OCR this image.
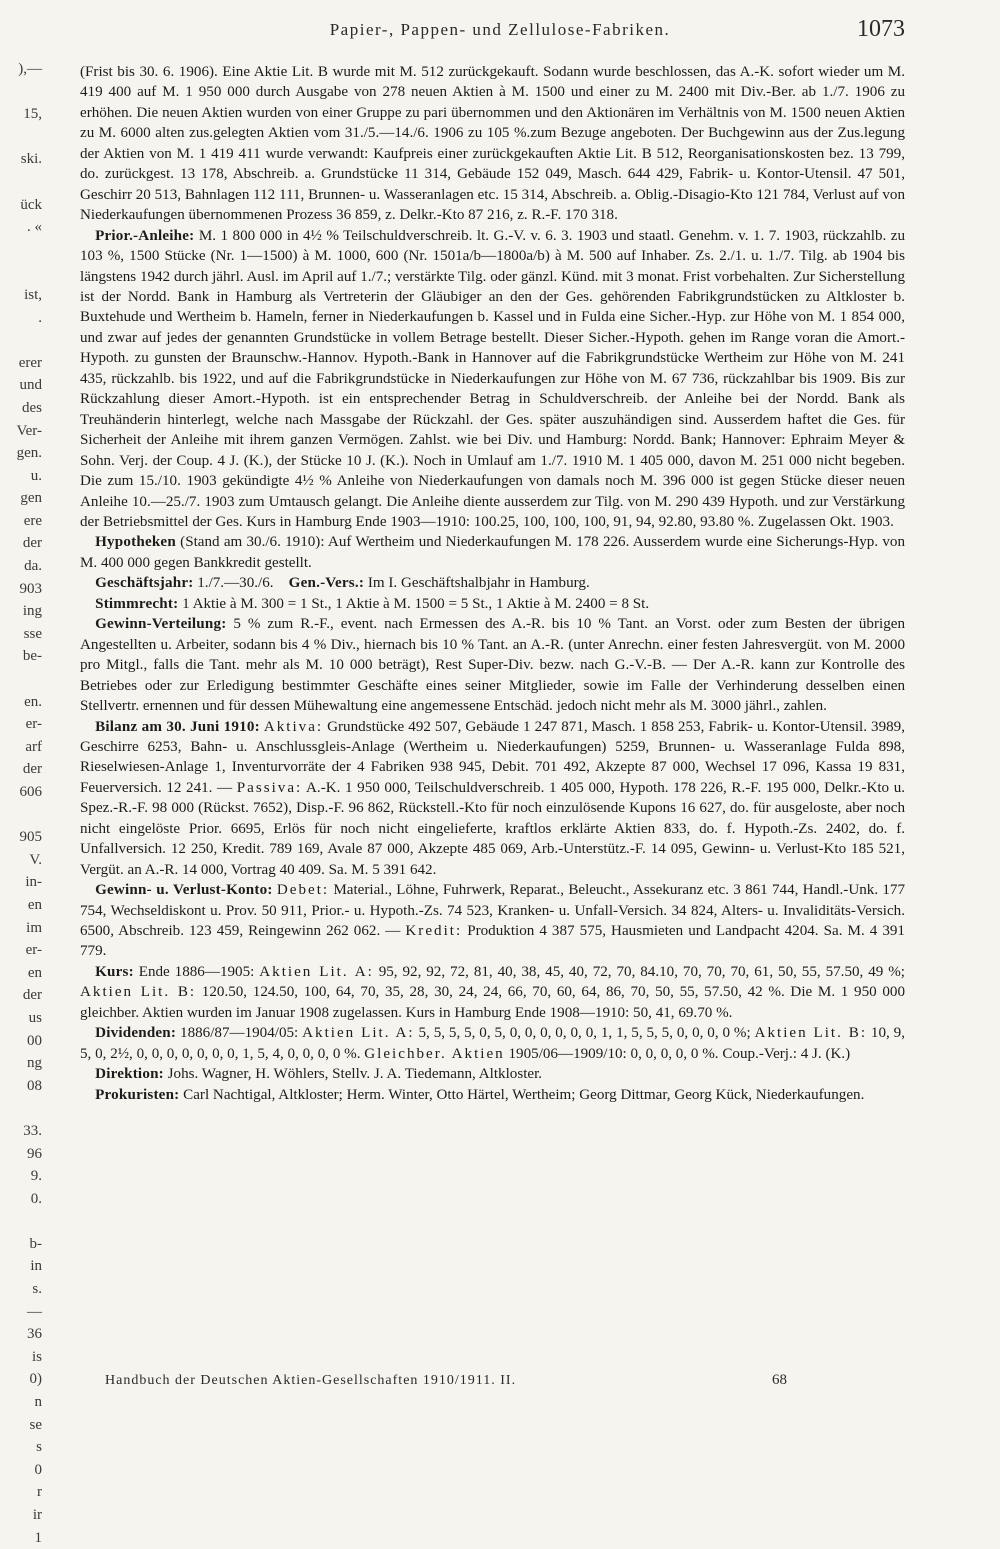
Papier-, Pappen- und Zellulose-Fabriken.	1073
),—
15,
ski.
ück
. «
ist,
.
erer
und
des
Ver-
gen.
u.
gen
ere
der
da.
903
ing
sse
be-
en.
er-
arf
der
606
905
V.
in-
en
im
er-
en
der
us
00
ng
08
33.
96
9.
0.
b-
in
s.
—
36
is
0)
n
se
s
0
r
ir
1

(Frist bis 30. 6. 1906). Eine Aktie Lit. B wurde mit M. 512 zurückgekauft. Sodann wurde beschlossen, das A.-K. sofort wieder um M. 419 400 auf M. 1 950 000 durch Ausgabe von 278 neuen Aktien à M. 1500 und einer zu M. 2400 mit Div.-Ber. ab 1./7. 1906 zu erhöhen. Die neuen Aktien wurden von einer Gruppe zu pari übernommen und den Aktionären im Verhältnis von M. 1500 neuen Aktien zu M. 6000 alten zus.gelegten Aktien vom 31./5.—14./6. 1906 zu 105 %.zum Bezuge angeboten. Der Buchgewinn aus der Zus.legung der Aktien von M. 1 419 411 wurde verwandt: Kaufpreis einer zurückgekauften Aktie Lit. B 512, Reorganisationskosten bez. 13 799, do. zurückgest. 13 178, Abschreib. a. Grundstücke 11 314, Gebäude 152 049, Masch. 644 429, Fabrik- u. Kontor-Utensil. 47 501, Geschirr 20 513, Bahnlagen 112 111, Brunnen- u. Wasseranlagen etc. 15 314, Abschreib. a. Oblig.-Disagio-Kto 121 784, Verlust auf von Niederkaufungen übernommenen Prozess 36 859, z. Delkr.-Kto 87 216, z. R.-F. 170 318.

 Prior.-Anleihe: M. 1 800 000 in 4½ % Teilschuldverschreib. lt. G.-V. v. 6. 3. 1903 und staatl. Genehm. v. 1. 7. 1903, rückzahlb. zu 103 %, 1500 Stücke (Nr. 1—1500) à M. 1000, 600 (Nr. 1501a/b—1800a/b) à M. 500 auf Inhaber. Zs. 2./1. u. 1./7. Tilg. ab 1904 bis längstens 1942 durch jährl. Ausl. im April auf 1./7.; verstärkte Tilg. oder gänzl. Künd. mit 3 monat. Frist vorbehalten. Zur Sicherstellung ist der Nordd. Bank in Hamburg als Vertreterin der Gläubiger an den der Ges. gehörenden Fabrikgrundstücken zu Altkloster b. Buxtehude und Wertheim b. Hameln, ferner in Niederkaufungen b. Kassel und in Fulda eine Sicher.-Hyp. zur Höhe von M. 1 854 000, und zwar auf jedes der genannten Grundstücke in vollem Betrage bestellt. Dieser Sicher.-Hypoth. gehen im Range voran die Amort.-Hypoth. zu gunsten der Braunschw.-Hannov. Hypoth.-Bank in Hannover auf die Fabrikgrundstücke Wertheim zur Höhe von M. 241 435, rückzahlb. bis 1922, und auf die Fabrikgrundstücke in Niederkaufungen zur Höhe von M. 67 736, rückzahlbar bis 1909. Bis zur Rückzahlung dieser Amort.-Hypoth. ist ein entsprechender Betrag in Schuldverschreib. der Anleihe bei der Nordd. Bank als Treuhänderin hinterlegt, welche nach Massgabe der Rückzahl. der Ges. später auszuhändigen sind. Ausserdem haftet die Ges. für Sicherheit der Anleihe mit ihrem ganzen Vermögen. Zahlst. wie bei Div. und Hamburg: Nordd. Bank; Hannover: Ephraim Meyer & Sohn. Verj. der Coup. 4 J. (K.), der Stücke 10 J. (K.). Noch in Umlauf am 1./7. 1910 M. 1 405 000, davon M. 251 000 nicht begeben. Die zum 15./10. 1903 gekündigte 4½ % Anleihe von Niederkaufungen von damals noch M. 396 000 ist gegen Stücke dieser neuen Anleihe 10.—25./7. 1903 zum Umtausch gelangt. Die Anleihe diente ausserdem zur Tilg. von M. 290 439 Hypoth. und zur Verstärkung der Betriebsmittel der Ges. Kurs in Hamburg Ende 1903—1910: 100.25, 100, 100, 100, 91, 94, 92.80, 93.80 %. Zugelassen Okt. 1903.

 Hypotheken (Stand am 30./6. 1910): Auf Wertheim und Niederkaufungen M. 178 226. Ausserdem wurde eine Sicherungs-Hyp. von M. 400 000 gegen Bankkredit gestellt.

 Geschäftsjahr: 1./7.—30./6.  Gen.-Vers.: Im I. Geschäftshalbjahr in Hamburg.

 Stimmrecht: 1 Aktie à M. 300 = 1 St., 1 Aktie à M. 1500 = 5 St., 1 Aktie à M. 2400 = 8 St.

 Gewinn-Verteilung: 5 % zum R.-F., event. nach Ermessen des A.-R. bis 10 % Tant. an Vorst. oder zum Besten der übrigen Angestellten u. Arbeiter, sodann bis 4 % Div., hiernach bis 10 % Tant. an A.-R. (unter Anrechn. einer festen Jahresvergüt. von M. 2000 pro Mitgl., falls die Tant. mehr als M. 10 000 beträgt), Rest Super-Div. bezw. nach G.-V.-B. — Der A.-R. kann zur Kontrolle des Betriebes oder zur Erledigung bestimmter Geschäfte eines seiner Mitglieder, sowie im Falle der Verhinderung desselben einen Stellvertr. ernennen und für dessen Mühewaltung eine angemessene Entschäd. jedoch nicht mehr als M. 3000 jährl., zahlen.

 Bilanz am 30. Juni 1910: Aktiva: Grundstücke 492 507, Gebäude 1 247 871, Masch. 1 858 253, Fabrik- u. Kontor-Utensil. 3989, Geschirre 6253, Bahn- u. Anschlussgleis-Anlage (Wertheim u. Niederkaufungen) 5259, Brunnen- u. Wasseranlage Fulda 898, Rieselwiesen-Anlage 1, Inventurvorräte der 4 Fabriken 938 945, Debit. 701 492, Akzepte 87 000, Wechsel 17 096, Kassa 19 831, Feuerversich. 12 241. — Passiva: A.-K. 1 950 000, Teilschuldverschreib. 1 405 000, Hypoth. 178 226, R.-F. 195 000, Delkr.-Kto u. Spez.-R.-F. 98 000 (Rückst. 7652), Disp.-F. 96 862, Rückstell.-Kto für noch einzulösende Kupons 16 627, do. für ausgeloste, aber noch nicht eingelöste Prior. 6695, Erlös für noch nicht eingelieferte, kraftlos erklärte Aktien 833, do. f. Hypoth.-Zs. 2402, do. f. Unfallversich. 12 250, Kredit. 789 169, Avale 87 000, Akzepte 485 069, Arb.-Unterstütz.-F. 14 095, Gewinn- u. Verlust-Kto 185 521, Vergüt. an A.-R. 14 000, Vortrag 40 409. Sa. M. 5 391 642.

 Gewinn- u. Verlust-Konto: Debet: Material., Löhne, Fuhrwerk, Reparat., Beleucht., Assekuranz etc. 3 861 744, Handl.-Unk. 177 754, Wechseldiskont u. Prov. 50 911, Prior.- u. Hypoth.-Zs. 74 523, Kranken- u. Unfall-Versich. 34 824, Alters- u. Invaliditäts-Versich. 6500, Abschreib. 123 459, Reingewinn 262 062. — Kredit: Produktion 4 387 575, Hausmieten und Landpacht 4204. Sa. M. 4 391 779.

 Kurs: Ende 1886—1905: Aktien Lit. A: 95, 92, 92, 72, 81, 40, 38, 45, 40, 72, 70, 84.10, 70, 70, 70, 61, 50, 55, 57.50, 49 %; Aktien Lit. B: 120.50, 124.50, 100, 64, 70, 35, 28, 30, 24, 24, 66, 70, 60, 64, 86, 70, 50, 55, 57.50, 42 %. Die M. 1 950 000 gleichber. Aktien wurden im Januar 1908 zugelassen. Kurs in Hamburg Ende 1908—1910: 50, 41, 69.70 %.

 Dividenden: 1886/87—1904/05: Aktien Lit. A: 5, 5, 5, 5, 0, 5, 0, 0, 0, 0, 0, 0, 1, 1, 5, 5, 5, 0, 0, 0, 0 %; Aktien Lit. B: 10, 9, 5, 0, 2½, 0, 0, 0, 0, 0, 0, 0, 1, 5, 4, 0, 0, 0, 0 %. Gleichber. Aktien 1905/06—1909/10: 0, 0, 0, 0, 0 %. Coup.-Verj.: 4 J. (K.)

 Direktion: Johs. Wagner, H. Wöhlers, Stellv. J. A. Tiedemann, Altkloster.

 Prokuristen: Carl Nachtigal, Altkloster; Herm. Winter, Otto Härtel, Wertheim; Georg Dittmar, Georg Kück, Niederkaufungen.

Handbuch der Deutschen Aktien-Gesellschaften 1910/1911. II.	68
